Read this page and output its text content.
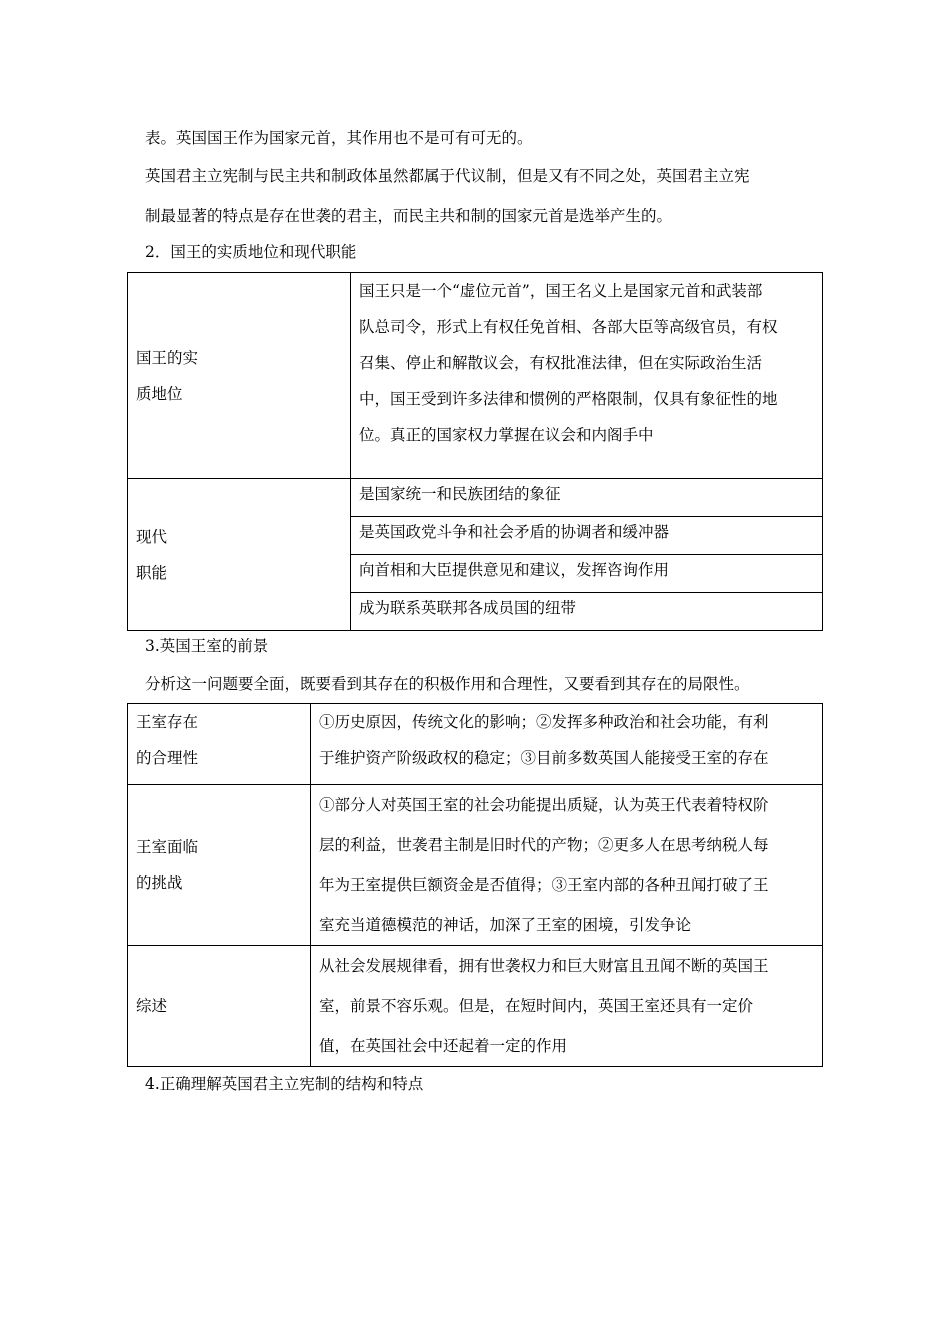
表。英国国王作为国家元首，其作用也不是可有可无的。
英国君主立宪制与民主共和制政体虽然都属于代议制，但是又有不同之处，英国君主立宪
制最显著的特点是存在世袭的君主，而民主共和制的国家元首是选举产生的。
2．国王的实质地位和现代职能
国王的实
质地位	国王只是一个“虚位元首”，国王名义上是国家元首和武装部
队总司令，形式上有权任免首相、各部大臣等高级官员，有权
召集、停止和解散议会，有权批准法律，但在实际政治生活
中，国王受到许多法律和惯例的严格限制，仅具有象征性的地
位。真正的国家权力掌握在议会和内阁手中

现代
职能	是国家统一和民族团结的象征
	是英国政党斗争和社会矛盾的协调者和缓冲器
	向首相和大臣提供意见和建议，发挥咨询作用
	成为联系英联邦各成员国的纽带
3.英国王室的前景
分析这一问题要全面，既要看到其存在的积极作用和合理性，又要看到其存在的局限性。
王室存在
的合理性	①历史原因，传统文化的影响；②发挥多种政治和社会功能，有利
于维护资产阶级政权的稳定；③目前多数英国人能接受王室的存在

王室面临
的挑战	①部分人对英国王室的社会功能提出质疑，认为英王代表着特权阶
层的利益，世袭君主制是旧时代的产物；②更多人在思考纳税人每
年为王室提供巨额资金是否值得；③王室内部的各种丑闻打破了王
室充当道德模范的神话，加深了王室的困境，引发争论

综述	从社会发展规律看，拥有世袭权力和巨大财富且丑闻不断的英国王
室，前景不容乐观。但是，在短时间内，英国王室还具有一定价
值，在英国社会中还起着一定的作用
4.正确理解英国君主立宪制的结构和特点
